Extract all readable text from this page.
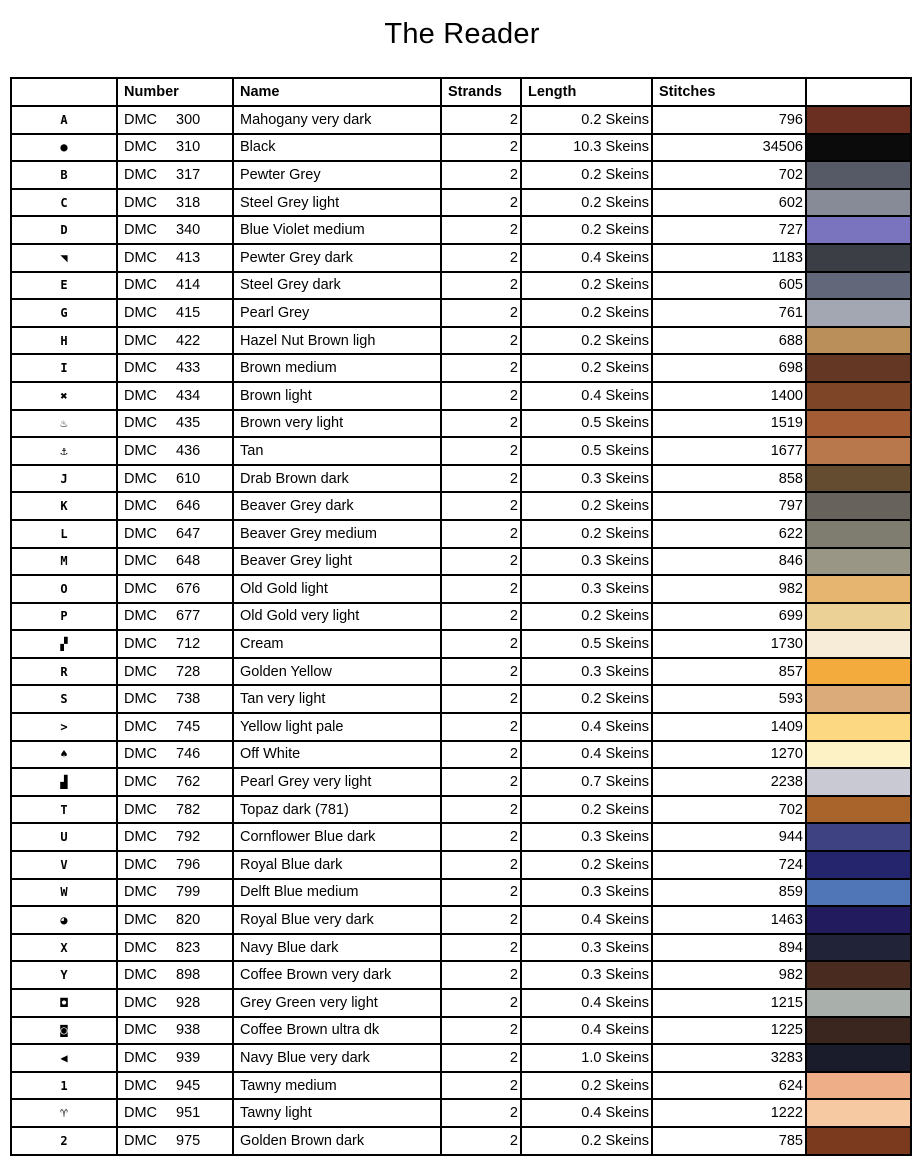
The Reader
	Number	Name	Strands	Length	Stitches	
A	DMC 300	Mahogany very dark	2	0.2 Skeins	796	

●	DMC 310	Black	2	10.3 Skeins	34506	

B	DMC 317	Pewter Grey	2	0.2 Skeins	702	

C	DMC 318	Steel Grey light	2	0.2 Skeins	602	

D	DMC 340	Blue Violet medium	2	0.2 Skeins	727	

◥	DMC 413	Pewter Grey dark	2	0.4 Skeins	1183	

E	DMC 414	Steel Grey dark	2	0.2 Skeins	605	

G	DMC 415	Pearl Grey	2	0.2 Skeins	761	

H	DMC 422	Hazel Nut Brown ligh	2	0.2 Skeins	688	

I	DMC 433	Brown medium	2	0.2 Skeins	698	

✖	DMC 434	Brown light	2	0.4 Skeins	1400	

♨	DMC 435	Brown very light	2	0.5 Skeins	1519	

⚓	DMC 436	Tan	2	0.5 Skeins	1677	

J	DMC 610	Drab Brown dark	2	0.3 Skeins	858	

K	DMC 646	Beaver Grey dark	2	0.2 Skeins	797	

L	DMC 647	Beaver Grey medium	2	0.2 Skeins	622	

M	DMC 648	Beaver Grey light	2	0.3 Skeins	846	

O	DMC 676	Old Gold light	2	0.3 Skeins	982	

P	DMC 677	Old Gold very light	2	0.2 Skeins	699	

▞	DMC 712	Cream	2	0.5 Skeins	1730	

R	DMC 728	Golden Yellow	2	0.3 Skeins	857	

S	DMC 738	Tan very light	2	0.2 Skeins	593	

>	DMC 745	Yellow light pale	2	0.4 Skeins	1409	

♠	DMC 746	Off White	2	0.4 Skeins	1270	

▟	DMC 762	Pearl Grey very light	2	0.7 Skeins	2238	

T	DMC 782	Topaz dark (781)	2	0.2 Skeins	702	

U	DMC 792	Cornflower Blue dark	2	0.3 Skeins	944	

V	DMC 796	Royal Blue dark	2	0.2 Skeins	724	

W	DMC 799	Delft Blue medium	2	0.3 Skeins	859	

◕	DMC 820	Royal Blue very dark	2	0.4 Skeins	1463	

X	DMC 823	Navy Blue dark	2	0.3 Skeins	894	

Y	DMC 898	Coffee Brown very dark	2	0.3 Skeins	982	

◘	DMC 928	Grey Green very light	2	0.4 Skeins	1215	

◙	DMC 938	Coffee Brown ultra dk	2	0.4 Skeins	1225	

◀	DMC 939	Navy Blue very dark	2	1.0 Skeins	3283	

1	DMC 945	Tawny medium	2	0.2 Skeins	624	

♈	DMC 951	Tawny light	2	0.4 Skeins	1222	

2	DMC 975	Golden Brown dark	2	0.2 Skeins	785	
